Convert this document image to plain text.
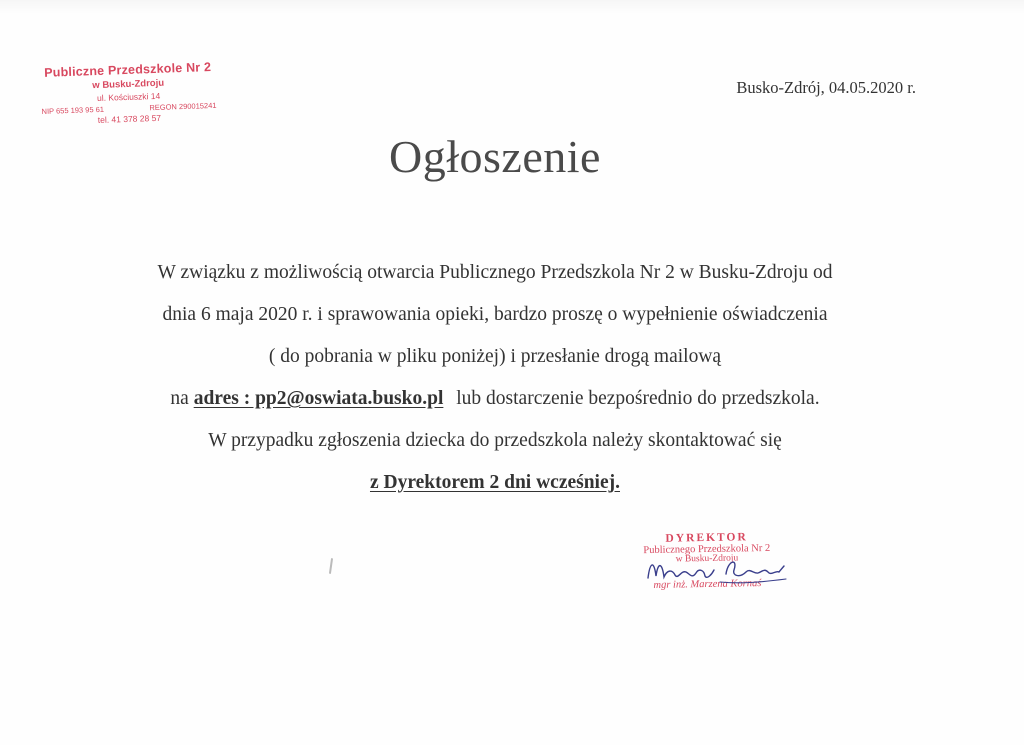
Publiczne Przedszkole Nr 2
w Busku-Zdroju
ul. Kościuszki 14
NIP 655 193 95 61	REGON 290015241
tel. 41 378 28 57
Busko-Zdrój, 04.05.2020 r.
Ogłoszenie

W związku z możliwością otwarcia Publicznego Przedszkola Nr 2 w Busku-Zdroju od

dnia 6 maja 2020 r. i sprawowania opieki, bardzo proszę o wypełnienie oświadczenia

( do pobrania w pliku poniżej) i przesłanie drogą mailową

na adres : pp2@oswiata.busko.pl lub dostarczenie bezpośrednio do przedszkola.

W przypadku zgłoszenia dziecka do przedszkola należy skontaktować się

z Dyrektorem 2 dni wcześniej.

DYREKTOR
Publicznego Przedszkola Nr 2
w Busku-Zdroju
mgr inż. Marzena Kornaś
